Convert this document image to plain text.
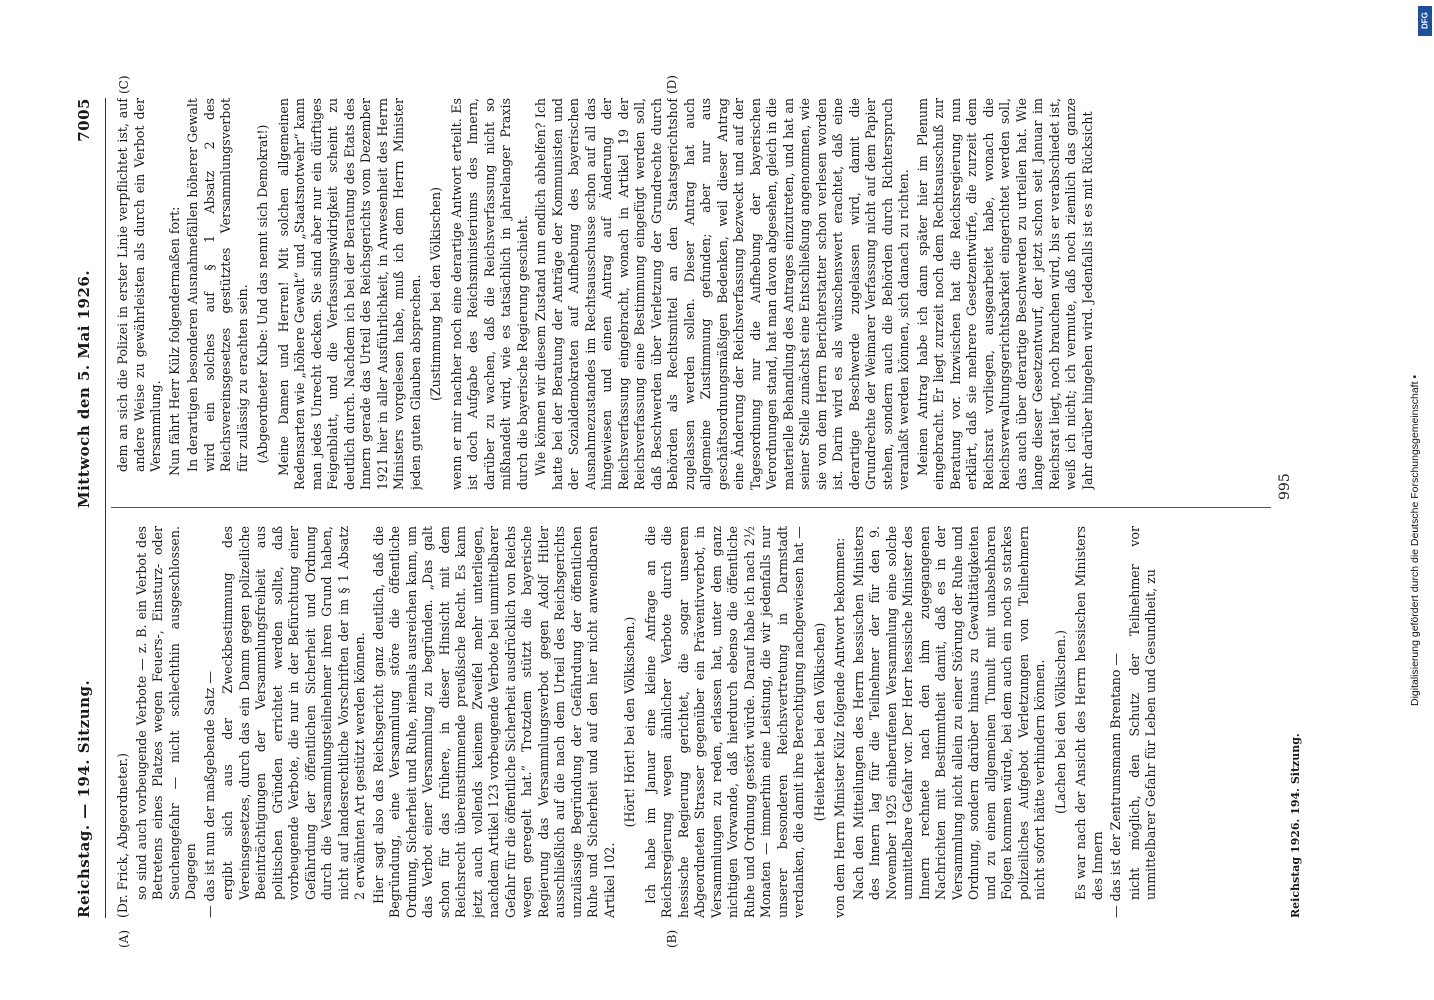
Reichstag. — 194. Sitzung.
Mittwoch den 5. Mai 1926.
7005
(A)	(B)
(C)	(D)

(Dr. Frick, Abgeordneter.) so sind auch vorbeugende Verbote — z. B. ein Verbot des Betretens eines Platzes wegen Feuers-, Einsturz- oder Seuchengefahr — nicht schlechthin ausgeschlossen. Dagegen — das ist nun der maßgebende Satz — ergibt sich aus der Zweckbestimmung des Vereinsgesetzes, durch das ein Damm gegen polizeiliche Beeinträchtigungen der Versammlungsfreiheit aus politischen Gründen errichtet werden sollte, daß vorbeugende Verbote, die nur in der Befürchtung einer Gefährdung der öffentlichen Sicherheit und Ordnung durch die Versammlungsteilnehmer ihren Grund haben, nicht auf landesrechtliche Vorschriften der im § 1 Absatz 2 erwähnten Art gestützt werden können. Hier sagt also das Reichsgericht ganz deutlich, daß die Begründung, eine Versammlung störe die öffentliche Ordnung, Sicherheit und Ruhe, niemals ausreichen kann, um das Verbot einer Versammlung zu begründen. „Das galt schon für das frühere, in dieser Hinsicht mit dem Reichsrecht übereinstimmende preußische Recht. Es kann jetzt auch vollends keinem Zweifel mehr unterliegen, nachdem Artikel 123 vorbeugende Verbote bei unmittelbarer Gefahr für die öffentliche Sicherheit ausdrücklich von Reichs wegen geregelt hat.“ Trotzdem stützt die bayerische Regierung das Versammlungsverbot gegen Adolf Hitler ausschließlich auf die nach dem Urteil des Reichsgerichts unzulässige Begründung der Gefährdung der öffentlichen Ruhe und Sicherheit und auf den hier nicht anwendbaren Artikel 102.

(Hört! Hört! bei den Völkischen.) Ich habe im Januar eine kleine Anfrage an die Reichsregierung wegen ähnlicher Verbote durch die hessische Regierung gerichtet, die sogar unserem Abgeordneten Strasser gegenüber ein Präventivverbot, in Versammlungen zu reden, erlassen hat, unter dem ganz nichtigen Vorwande, daß hierdurch ebenso die öffentliche Ruhe und Ordnung gestört würde. Darauf habe ich nach 2½ Monaten — immerhin eine Leistung, die wir jedenfalls nur unserer besonderen Reichsvertretung in Darmstadt verdanken, die damit ihre Berechtigung nachgewiesen hat — (Heiterkeit bei den Völkischen) von dem Herrn Minister Külz folgende Antwort bekommen: Nach den Mitteilungen des Herrn hessischen Ministers des Innern lag für die Teilnehmer der für den 9. November 1925 einberufenen Versammlung eine solche unmittelbare Gefahr vor. Der Herr hessische Minister des Innern rechnete nach den ihm zugegangenen Nachrichten mit Bestimmtheit damit, daß es in der Versammlung nicht allein zu einer Störung der Ruhe und Ordnung, sondern darüber hinaus zu Gewalttätigkeiten und zu einem allgemeinen Tumult mit unabsehbaren Folgen kommen würde, bei dem auch ein noch so starkes polizeiliches Aufgebot Verletzungen von Teilnehmern nicht sofort hätte verhindern können. (Lachen bei den Völkischen.) Es war nach der Ansicht des Herrn hessischen Ministers des Innern — das ist der Zentrumsmann Brentano — nicht möglich, den Schutz der Teilnehmer vor unmittelbarer Gefahr für Leben und Gesundheit, zu

dem an sich die Polizei in erster Linie verpflichtet ist, auf andere Weise zu gewährleisten als durch ein Verbot der Versammlung. Nun fährt Herr Külz folgendermaßen fort: In derartigen besonderen Ausnahmefällen höherer Gewalt wird ein solches auf § 1 Absatz 2 des Reichsvereinsgesetzes gestütztes Versammlungsverbot für zulässig zu erachten sein. (Abgeordneter Kube: Und das nennt sich Demokrat!) Meine Damen und Herren! Mit solchen allgemeinen Redensarten wie „höhere Gewalt“ und „Staatsnotwehr“ kann man jedes Unrecht decken. Sie sind aber nur ein dürftiges Feigenblatt, und die Verfassungswidrigkeit scheint zu deutlich durch. Nachdem ich bei der Beratung des Etats des Innern gerade das Urteil des Reichsgerichts vom Dezember 1921 hier in aller Ausführlichkeit, in Anwesenheit des Herrn Ministers vorgelesen habe, muß ich dem Herrn Minister jeden guten Glauben absprechen. (Zustimmung bei den Völkischen) wenn er mir nachher noch eine derartige Antwort erteilt. Es ist doch Aufgabe des Reichsministeriums des Innern, darüber zu wachen, daß die Reichsverfassung nicht so mißhandelt wird, wie es tatsächlich in jahrelanger Praxis durch die bayerische Regierung geschieht. Wie können wir diesem Zustand nun endlich abhelfen? Ich hatte bei der Beratung der Anträge der Kommunisten und der Sozialdemokraten auf Aufhebung des bayerischen Ausnahmezustandes im Rechtsausschusse schon auf all das hingewiesen und einen Antrag auf Änderung der Reichsverfassung eingebracht, wonach in Artikel 19 der Reichsverfassung eine Bestimmung eingefügt werden soll, daß Beschwerden über Verletzung der Grundrechte durch Behörden als Rechtsmittel an den Staatsgerichtshof zugelassen werden sollen. Dieser Antrag hat auch allgemeine Zustimmung gefunden; aber nur aus geschäftsordnungsmäßigen Bedenken, weil dieser Antrag eine Änderung der Reichsverfassung bezweckt und auf der Tagesordnung nur die Aufhebung der bayerischen Verordnungen stand, hat man davon abgesehen, gleich in die materielle Behandlung des Antrages einzutreten, und hat an seiner Stelle zunächst eine Entschließung angenommen, wie sie von dem Herrn Berichterstatter schon verlesen worden ist. Darin wird es als wünschenswert erachtet, daß eine derartige Beschwerde zugelassen wird, damit die Grundrechte der Weimarer Verfassung nicht auf dem Papier stehen, sondern auch die Behörden durch Richterspruch veranlaßt werden können, sich danach zu richten. Meinen Antrag habe ich dann später hier im Plenum eingebracht. Er liegt zurzeit noch dem Rechtsausschuß zur Beratung vor. Inzwischen hat die Reichsregierung nun erklärt, daß sie mehrere Gesetzentwürfe, die zurzeit dem Reichsrat vorliegen, ausgearbeitet habe, wonach die Reichsverwaltungsgerichtsbarkeit eingerichtet werden soll, das auch über derartige Beschwerden zu urteilen hat. Wie lange dieser Gesetzentwurf, der jetzt schon seit Januar im Reichsrat liegt, noch brauchen wird, bis er verabschiedet ist, weiß ich nicht; ich vermute, daß noch ziemlich das ganze Jahr darüber hingehen wird. Jedenfalls ist es mit Rücksicht	995
Reichstag 1926. 194. Sitzung.
Digitalisierung gefördert durch die Deutsche Forschungsgemeinschaft •
DFG
